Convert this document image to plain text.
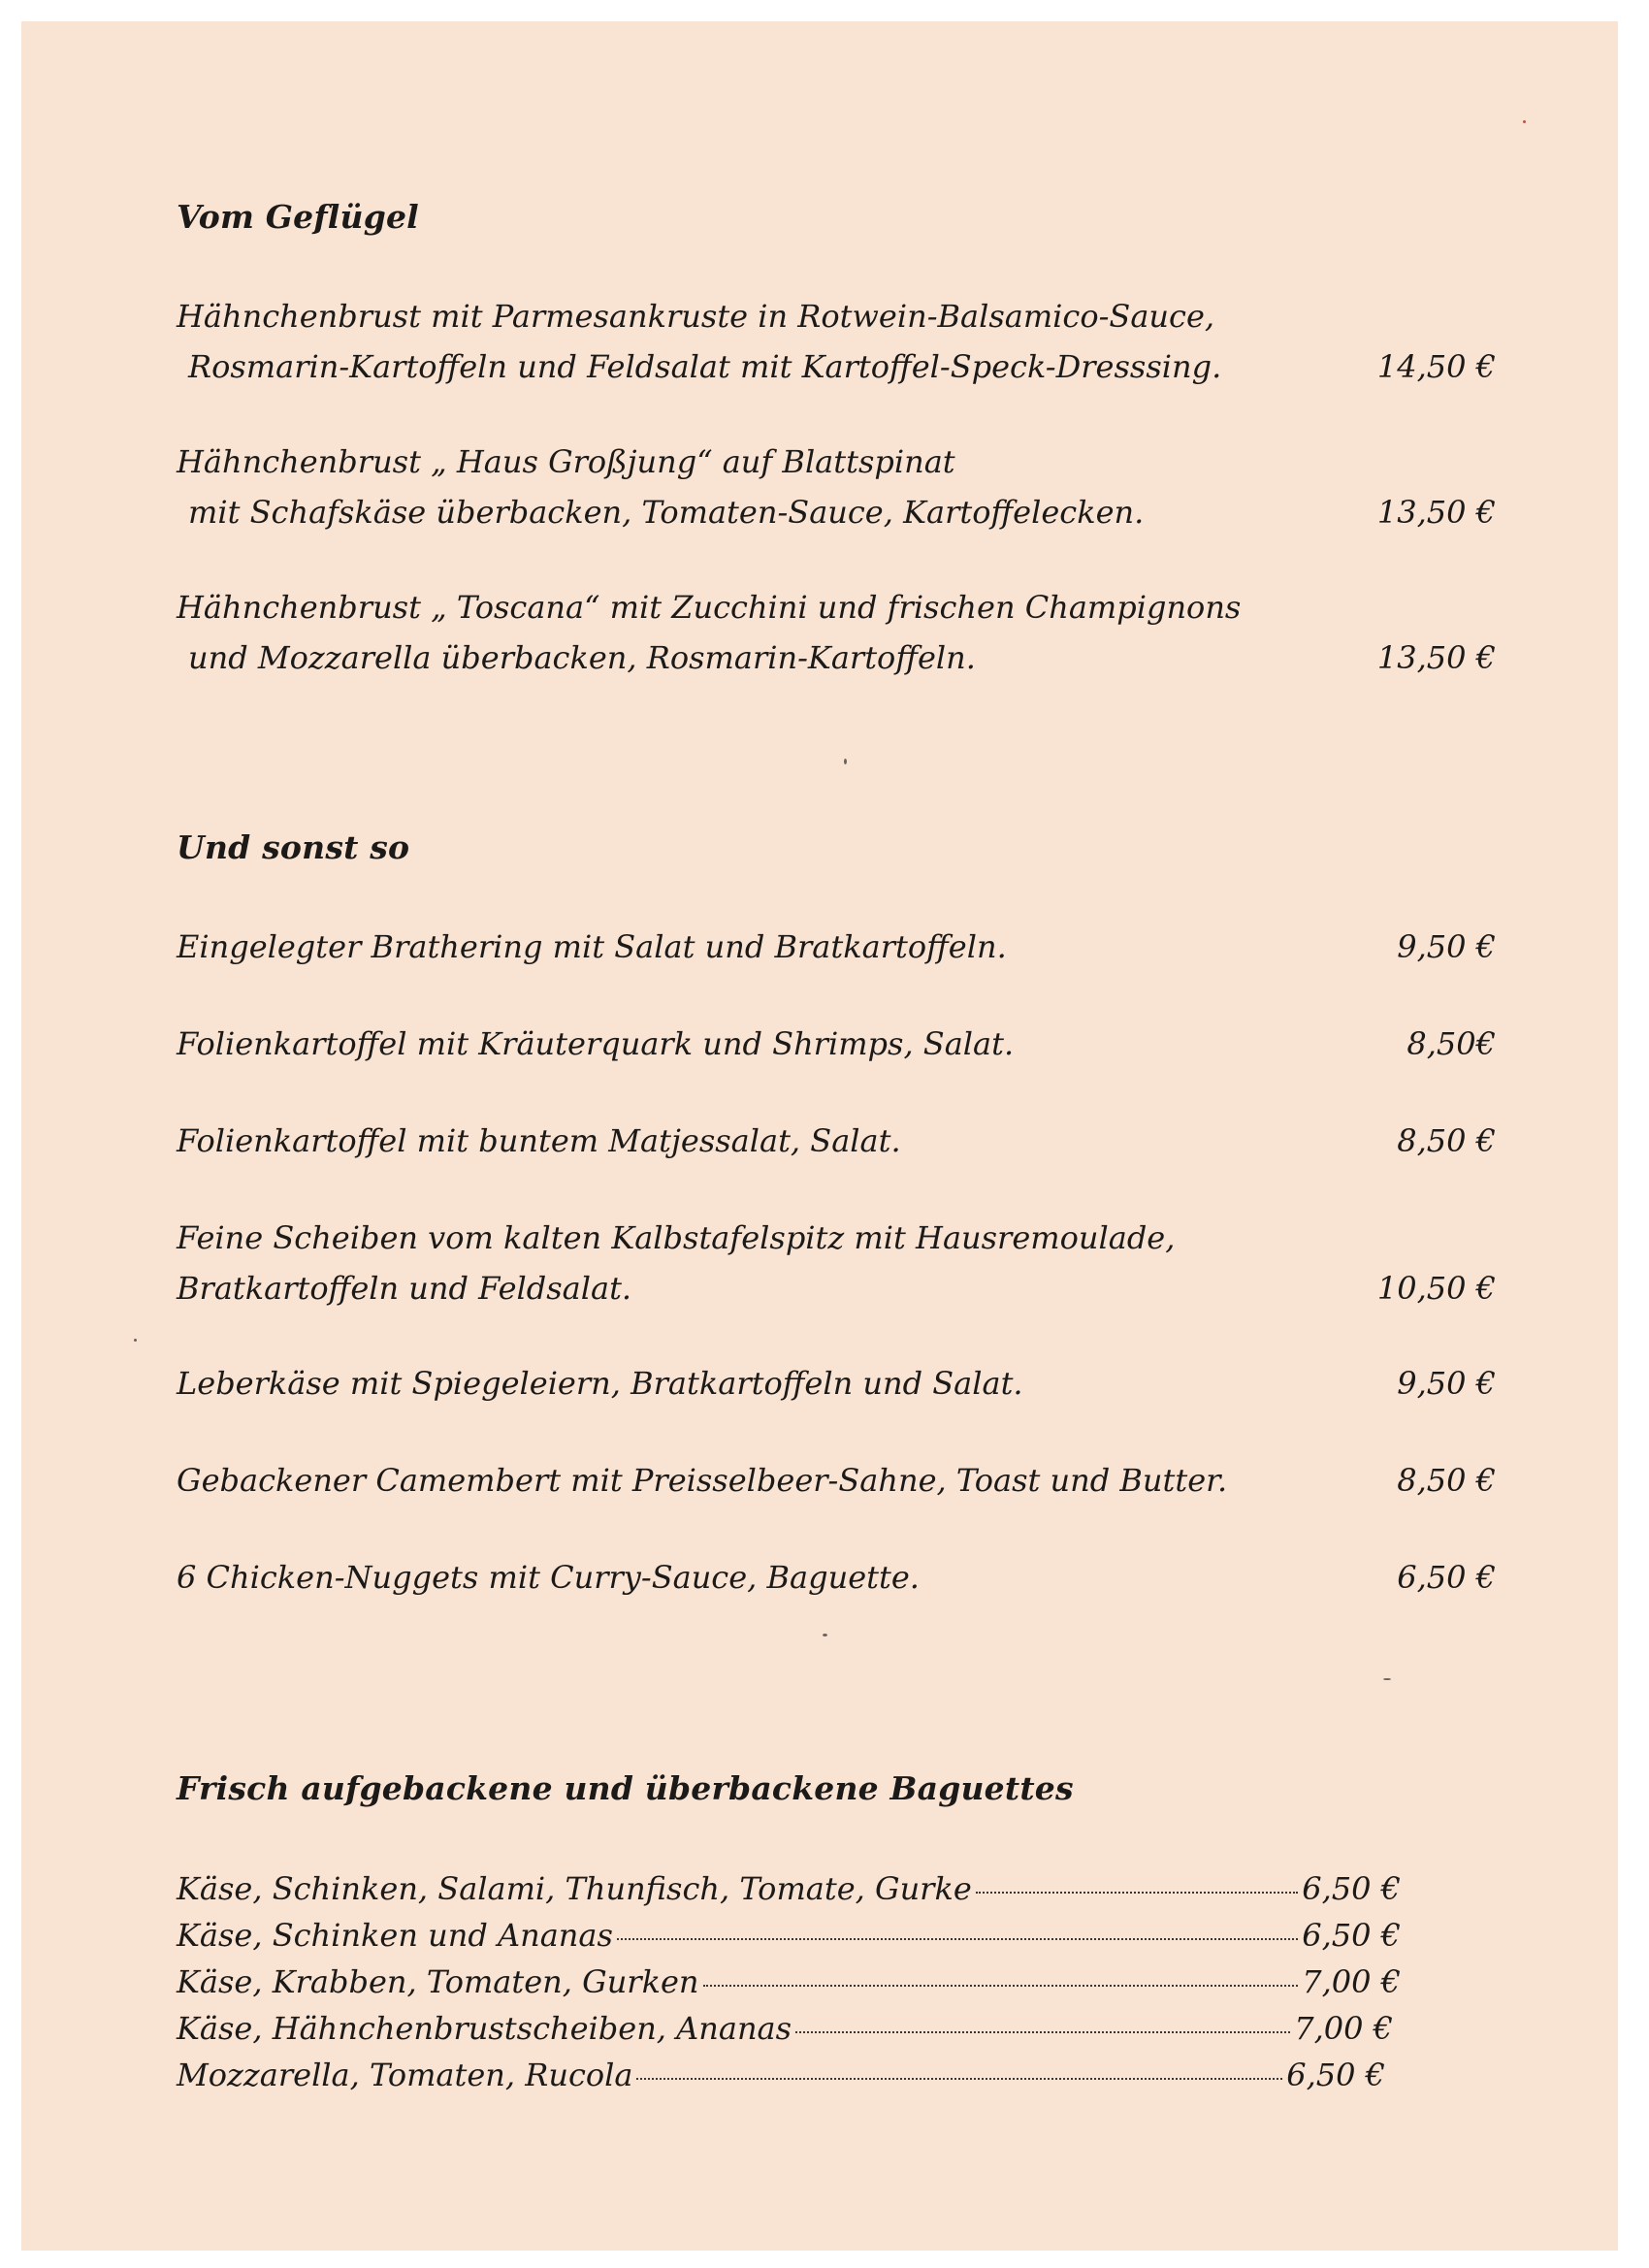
Vom Geflügel
Hähnchenbrust mit Parmesankruste in Rotwein-Balsamico-Sauce,
Rosmarin-Kartoffeln und Feldsalat mit Kartoffel-Speck-Dresssing.	14,50 €
Hähnchenbrust „ Haus Großjung“ auf Blattspinat
mit Schafskäse überbacken, Tomaten-Sauce, Kartoffelecken.	13,50 €
Hähnchenbrust „ Toscana“ mit Zucchini und frischen Champignons
und Mozzarella überbacken, Rosmarin-Kartoffeln.	13,50 €
Und sonst so
Eingelegter Brathering mit Salat und Bratkartoffeln.	9,50 €
Folienkartoffel mit Kräuterquark und Shrimps, Salat.	8,50€
Folienkartoffel mit buntem Matjessalat, Salat.	8,50 €
Feine Scheiben vom kalten Kalbstafelspitz mit Hausremoulade,
Bratkartoffeln und Feldsalat.	10,50 €
Leberkäse mit Spiegeleiern, Bratkartoffeln und Salat.	9,50 €
Gebackener Camembert mit Preisselbeer-Sahne, Toast und Butter.	8,50 €
6 Chicken-Nuggets mit Curry-Sauce, Baguette.	6,50 €
Frisch aufgebackene und überbackene Baguettes
Käse, Schinken, Salami, Thunfisch, Tomate, Gurke	6,50 €
Käse, Schinken und Ananas	6,50 €
Käse, Krabben, Tomaten, Gurken	7,00 €
Käse, Hähnchenbrustscheiben, Ananas	7,00 €
Mozzarella, Tomaten, Rucola	6,50 €
